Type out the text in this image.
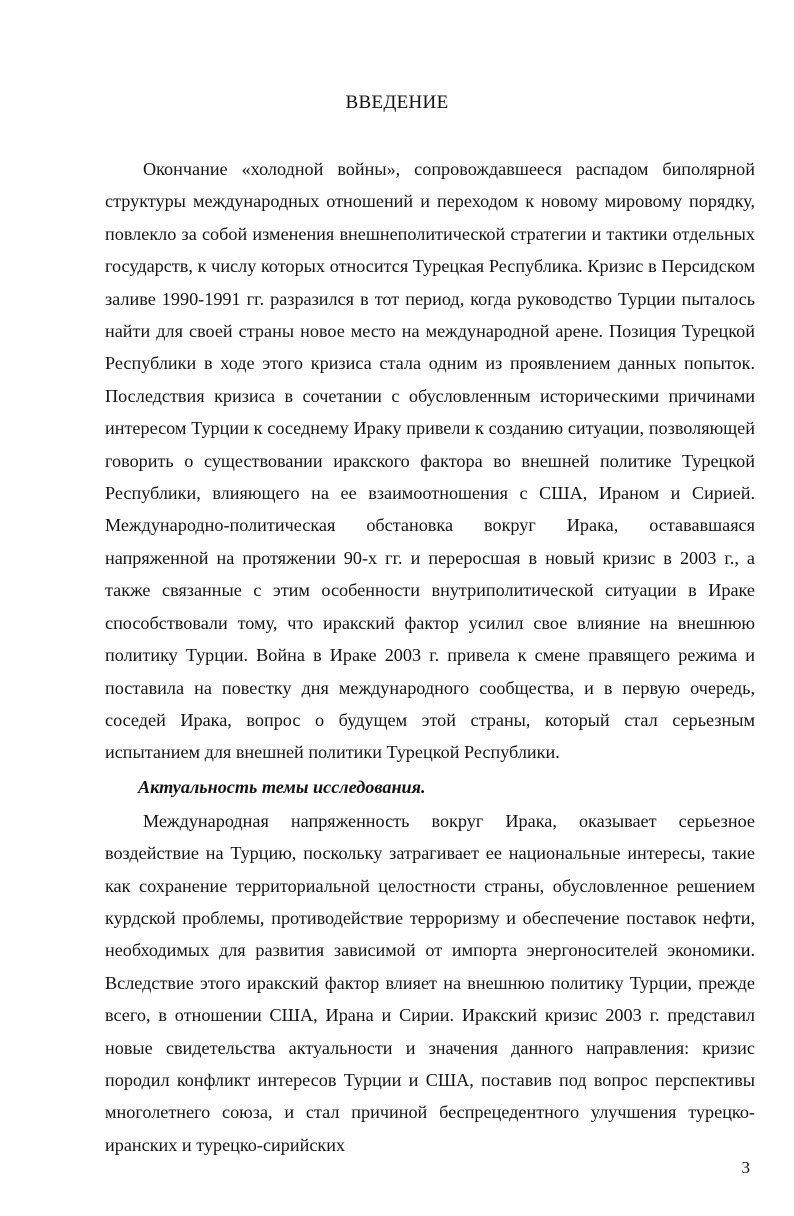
ВВЕДЕНИЕ

Окончание «холодной войны», сопровождавшееся распадом биполярной структуры международных отношений и переходом к новому мировому порядку, повлекло за собой изменения внешнеполитической стратегии и тактики отдельных государств, к числу которых относится Турецкая Республика. Кризис в Персидском заливе 1990-1991 гг. разразился в тот период, когда руководство Турции пыталось найти для своей страны новое место на международной арене. Позиция Турецкой Республики в ходе этого кризиса стала одним из проявлением данных попыток. Последствия кризиса в сочетании с обусловленным историческими причинами интересом Турции к соседнему Ираку привели к созданию ситуации, позволяющей говорить о существовании иракского фактора во внешней политике Турецкой Республики, влияющего на ее взаимоотношения с США, Ираном и Сирией. Международно-политическая обстановка вокруг Ирака, остававшаяся напряженной на протяжении 90-х гг. и переросшая в новый кризис в 2003 г., а также связанные с этим особенности внутриполитической ситуации в Ираке способствовали тому, что иракский фактор усилил свое влияние на внешнюю политику Турции. Война в Ираке 2003 г. привела к смене правящего режима и поставила на повестку дня международного сообщества, и в первую очередь, соседей Ирака, вопрос о будущем этой страны, который стал серьезным испытанием для внешней политики Турецкой Республики.

Актуальность темы исследования.

Международная напряженность вокруг Ирака, оказывает серьезное воздействие на Турцию, поскольку затрагивает ее национальные интересы, такие как сохранение территориальной целостности страны, обусловленное решением курдской проблемы, противодействие терроризму и обеспечение поставок нефти, необходимых для развития зависимой от импорта энергоносителей экономики. Вследствие этого иракский фактор влияет на внешнюю политику Турции, прежде всего, в отношении США, Ирана и Сирии. Иракский кризис 2003 г. представил новые свидетельства актуальности и значения данного направления: кризис породил конфликт интересов Турции и США, поставив под вопрос перспективы многолетнего союза, и стал причиной беспрецедентного улучшения турецко-иранских и турецко-сирийских

3
